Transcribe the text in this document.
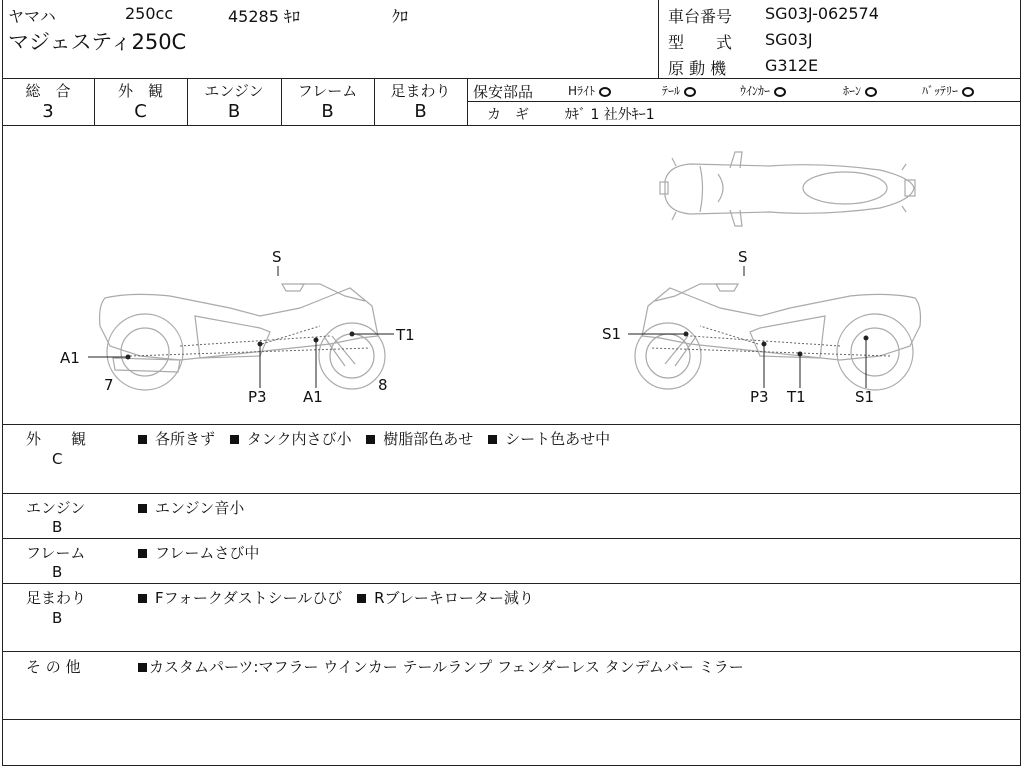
ヤマハ	250cc	45285 ｷﾛ	ｸﾛ
マジェスティ250C
車台番号 SG03J-062574
型　　式 SG03J
原 動 機 G312E
総　合
3
外　観
C
エンジン
B
フレーム
B
足まわり
B
保安部品	Hﾗｲﾄ	ﾃｰﾙ	ｳｲﾝｶｰ	ﾎｰﾝ	ﾊﾞｯﾃﾘｰ
カ　ギ	ｶｷﾞ 1 社外ｷｰ1
S
A1
7
P3 A1
T1
8
S
S1
P3 T1	S1
外　　観
C
各所きず タンク内さび小 樹脂部色あせ シート色あせ中
エンジン
B
エンジン音小
フレーム
B
フレームさび中
足まわり
B
Fフォークダストシールひび Rブレーキローター減り
そ の 他	カスタムパーツ:マフラー ウインカー テールランプ フェンダーレス タンデムバー ミラー
